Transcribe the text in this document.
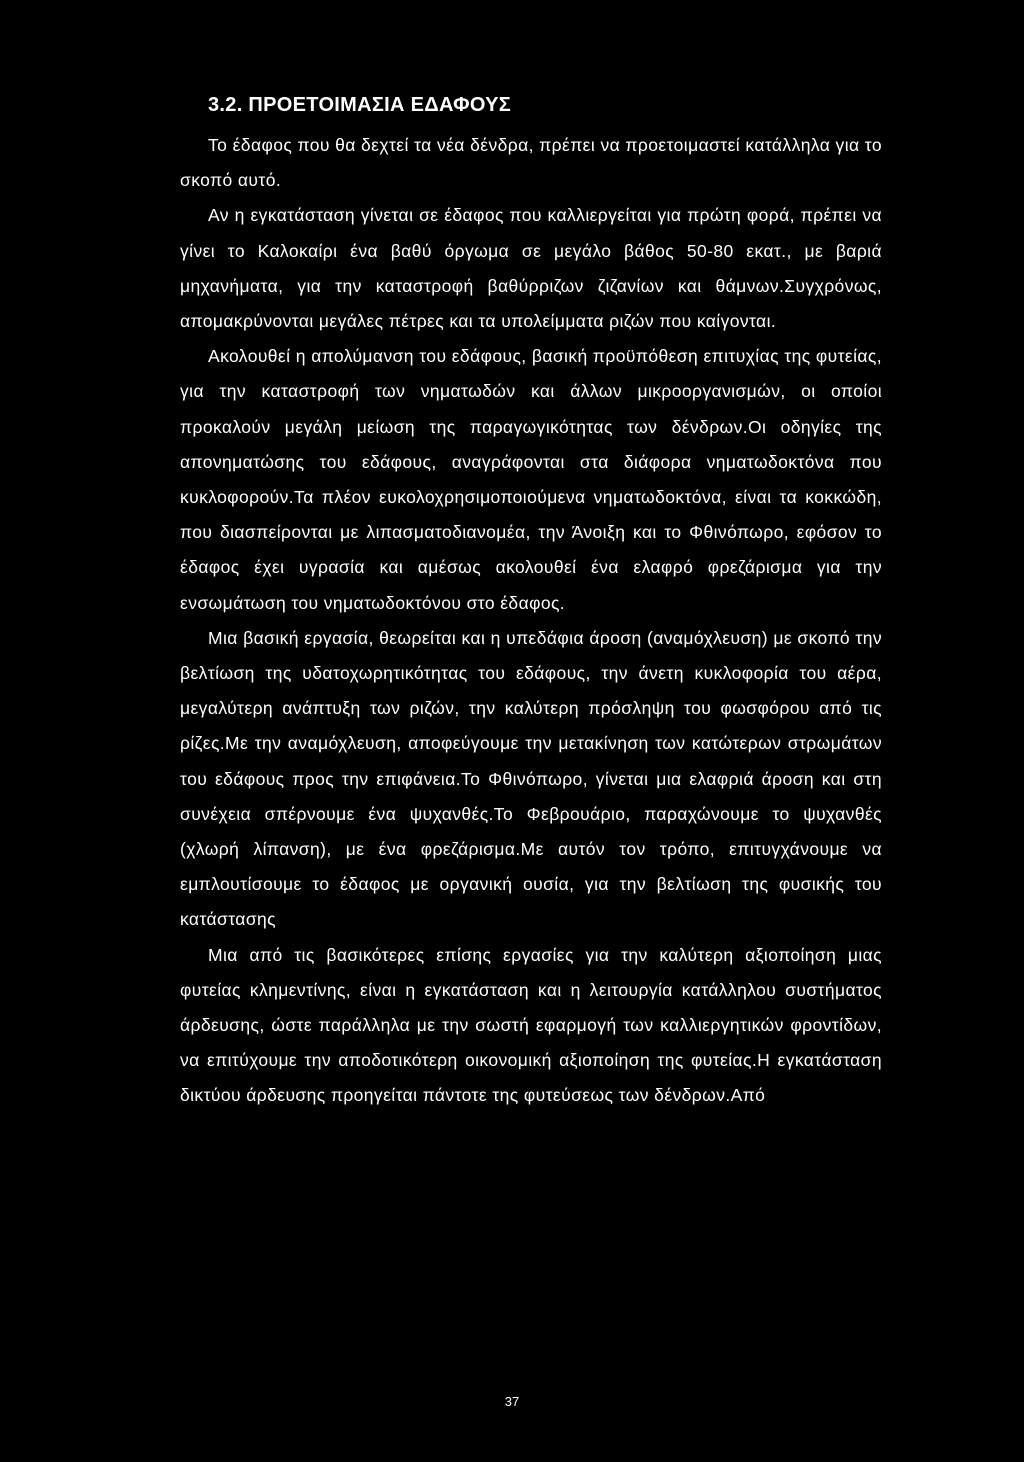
3.2. ΠΡΟΕΤΟΙΜΑΣΙΑ ΕΔΑΦΟΥΣ

Το έδαφος που θα δεχτεί τα νέα δένδρα, πρέπει να προετοιμαστεί κατάλληλα για το σκοπό αυτό.

Αν η εγκατάσταση γίνεται σε έδαφος που καλλιεργείται για πρώτη φορά, πρέπει να γίνει το Καλοκαίρι ένα βαθύ όργωμα σε μεγάλο βάθος 50-80 εκατ., με βαριά μηχανήματα, για την καταστροφή βαθύρριζων ζιζανίων και θάμνων.Συγχρόνως, απομακρύνονται μεγάλες πέτρες και τα υπολείμματα ριζών που καίγονται.

Ακολουθεί η απολύμανση του εδάφους, βασική προϋπόθεση επιτυχίας της φυτείας, για την καταστροφή των νηματωδών και άλλων μικροοργανισμών, οι οποίοι προκαλούν μεγάλη μείωση της παραγωγικότητας των δένδρων.Οι οδηγίες της απονηματώσης του εδάφους, αναγράφονται στα διάφορα νηματωδοκτόνα που κυκλοφορούν.Τα πλέον ευκολοχρησιμοποιούμενα νηματωδοκτόνα, είναι τα κοκκώδη, που διασπείρονται με λιπασματοδιανομέα, την Άνοιξη και το Φθινόπωρο, εφόσον το έδαφος έχει υγρασία και αμέσως ακολουθεί ένα ελαφρό φρεζάρισμα για την ενσωμάτωση του νηματωδοκτόνου στο έδαφος.

Μια βασική εργασία, θεωρείται και η υπεδάφια άροση (αναμόχλευση) με σκοπό την βελτίωση της υδατοχωρητικότητας του εδάφους, την άνετη κυκλοφορία του αέρα, μεγαλύτερη ανάπτυξη των ριζών, την καλύτερη πρόσληψη του φωσφόρου από τις ρίζες.Με την αναμόχλευση, αποφεύγουμε την μετακίνηση των κατώτερων στρωμάτων του εδάφους προς την επιφάνεια.Το Φθινόπωρο, γίνεται μια ελαφριά άροση και στη συνέχεια σπέρνουμε ένα ψυχανθές.Το Φεβρουάριο, παραχώνουμε το ψυχανθές (χλωρή λίπανση), με ένα φρεζάρισμα.Με αυτόν τον τρόπο, επιτυγχάνουμε να εμπλουτίσουμε το έδαφος με οργανική ουσία, για την βελτίωση της φυσικής του κατάστασης

Μια από τις βασικότερες επίσης εργασίες για την καλύτερη αξιοποίηση μιας φυτείας κλημεντίνης, είναι η εγκατάσταση και η λειτουργία κατάλληλου συστήματος άρδευσης, ώστε παράλληλα με την σωστή εφαρμογή των καλλιεργητικών φροντίδων, να επιτύχουμε την αποδοτικότερη οικονομική αξιοποίηση της φυτείας.Η εγκατάσταση δικτύου άρδευσης προηγείται πάντοτε της φυτεύσεως των δένδρων.Από

37
